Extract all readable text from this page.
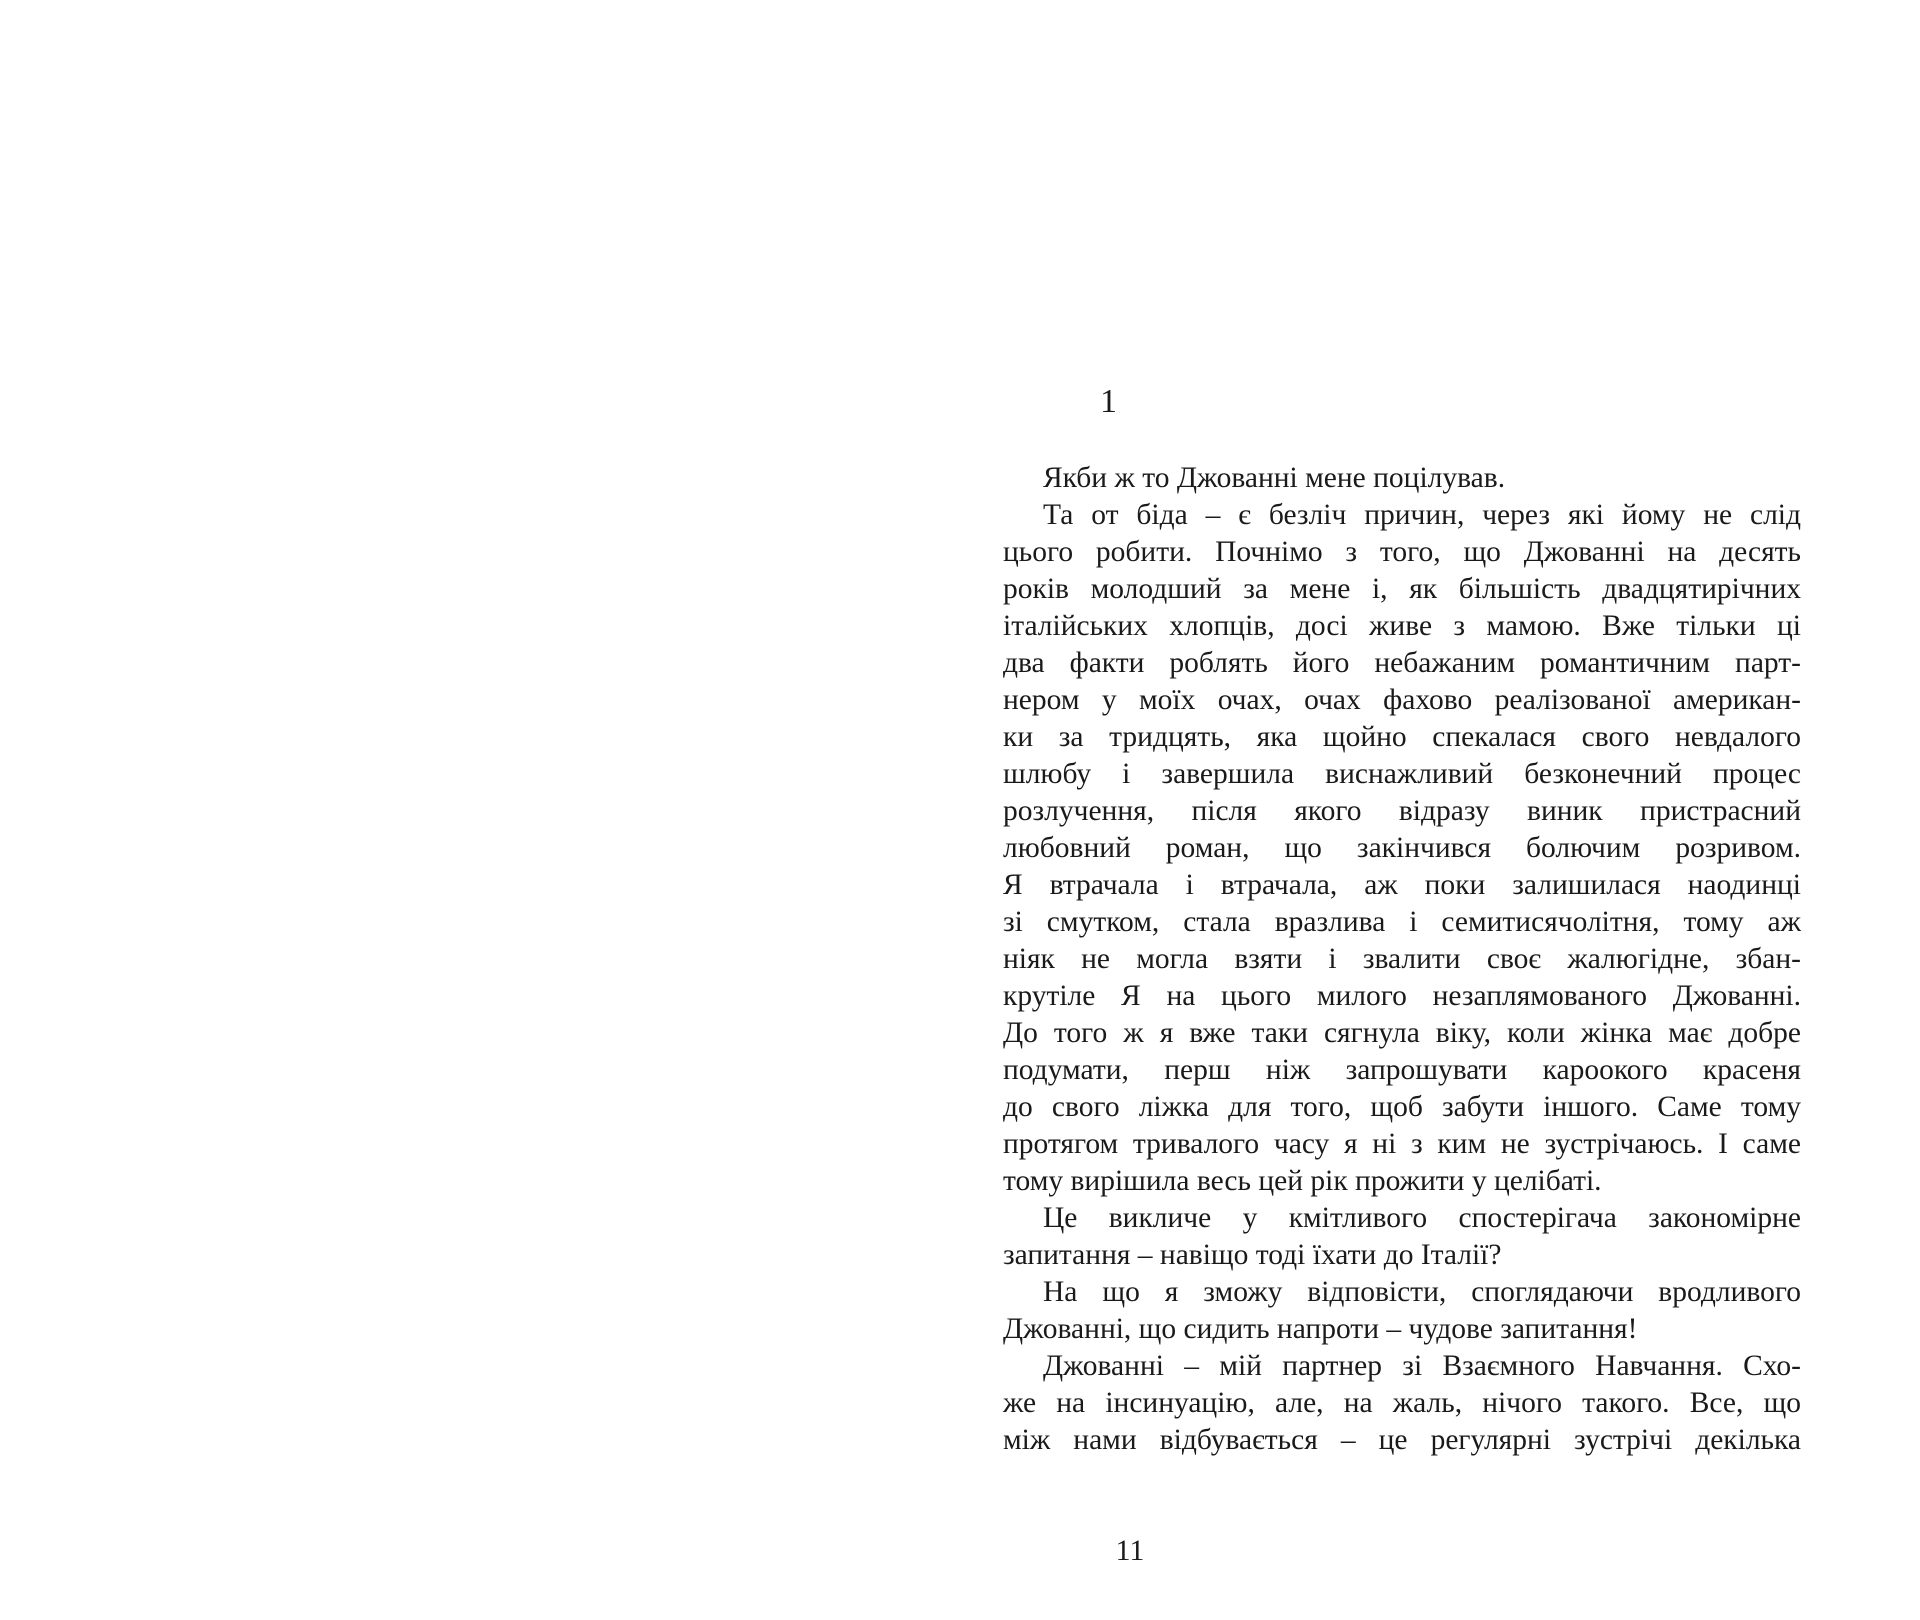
1
Якби ж то Джованні мене поцілував.
Та от біда – є безліч причин, через які йому не слід
цього робити. Почнімо з того, що Джованні на десять
років молодший за мене і, як більшість двадцятирічних
італійських хлопців, досі живе з мамою. Вже тільки ці
два факти роблять його небажаним романтичним парт-
нером у моїх очах, очах фахово реалізованої американ-
ки за тридцять, яка щойно спекалася свого невдалого
шлюбу і завершила виснажливий безконечний процес
розлучення, після якого відразу виник пристрасний
любовний роман, що закінчився болючим розривом.
Я втрачала і втрачала, аж поки залишилася наодинці
зі смутком, стала вразлива і семитисячолітня, тому аж
ніяк не могла взяти і звалити своє жалюгідне, збан-
крутіле Я на цього милого незаплямованого Джованні.
До того ж я вже таки сягнула віку, коли жінка має добре
подумати, перш ніж запрошувати кароокого красеня
до свого ліжка для того, щоб забути іншого. Саме тому
протягом тривалого часу я ні з ким не зустрічаюсь. І саме
тому вирішила весь цей рік прожити у целібаті.
Це викличе у кмітливого спостерігача закономірне
запитання – навіщо тоді їхати до Італії?
На що я зможу відповісти, споглядаючи вродливого
Джованні, що сидить напроти – чудове запитання!
Джованні – мій партнер зі Взаємного Навчання. Схо-
же на інсинуацію, але, на жаль, нічого такого. Все, що
між нами відбувається – це регулярні зустрічі декілька
11
